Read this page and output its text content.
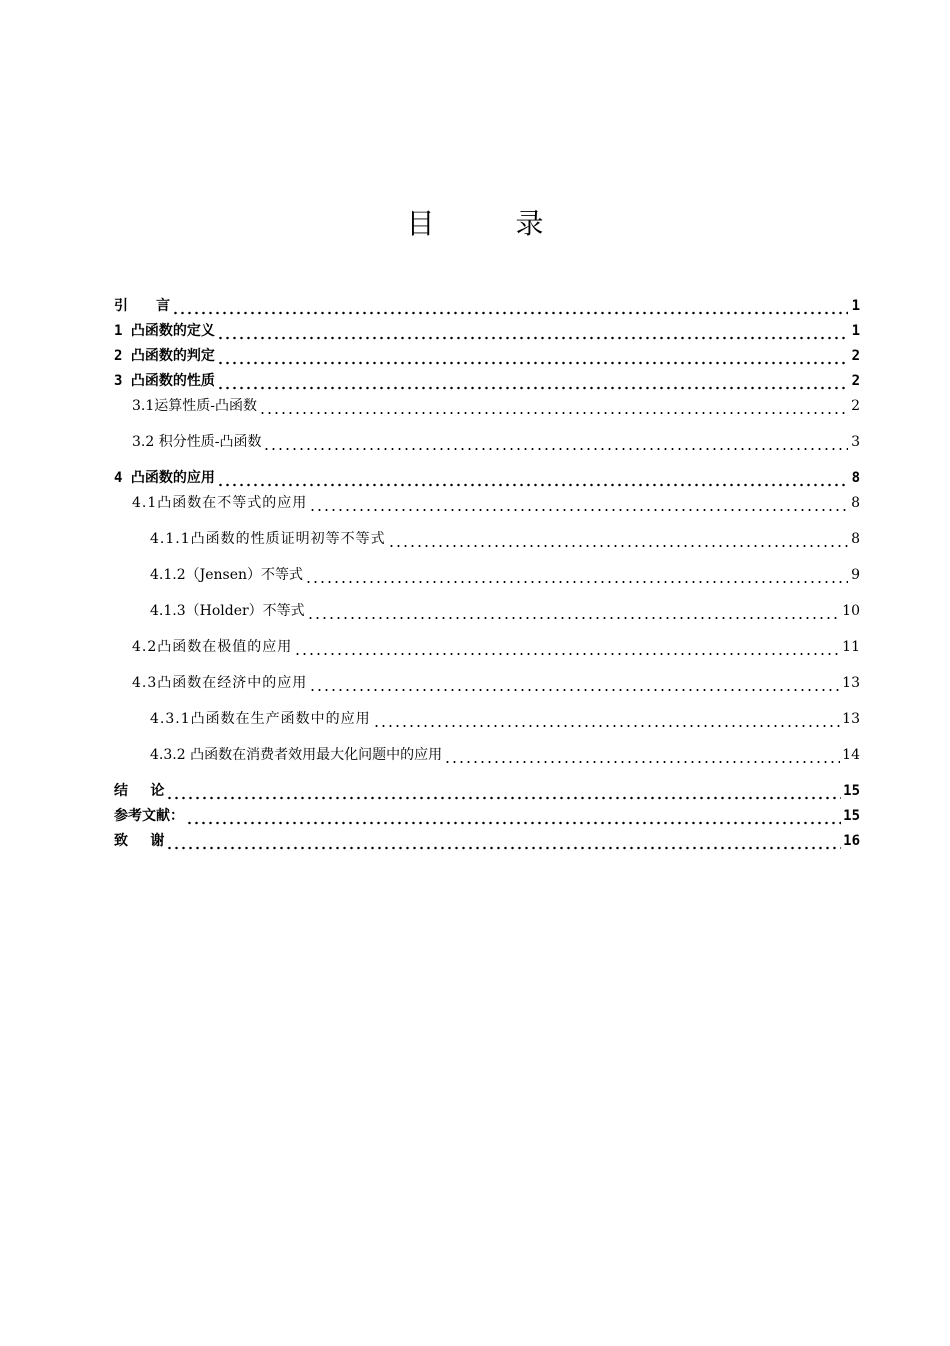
目 录
引　　言	1
1 凸函数的定义	1
2 凸函数的判定	2
3 凸函数的性质	2
3.1运算性质-凸函数	2
3.2 积分性质-凸函数	3
4 凸函数的应用	8
4.1凸函数在不等式的应用	8
4.1.1凸函数的性质证明初等不等式	8
4.1.2（Jensen）不等式	9
4.1.3（Holder）不等式	10
4.2凸函数在极值的应用	11
4.3凸函数在经济中的应用	13
4.3.1凸函数在生产函数中的应用	13
4.3.2 凸函数在消费者效用最大化问题中的应用	14
结　 论	15
参考文献：	15
致　 谢	16
